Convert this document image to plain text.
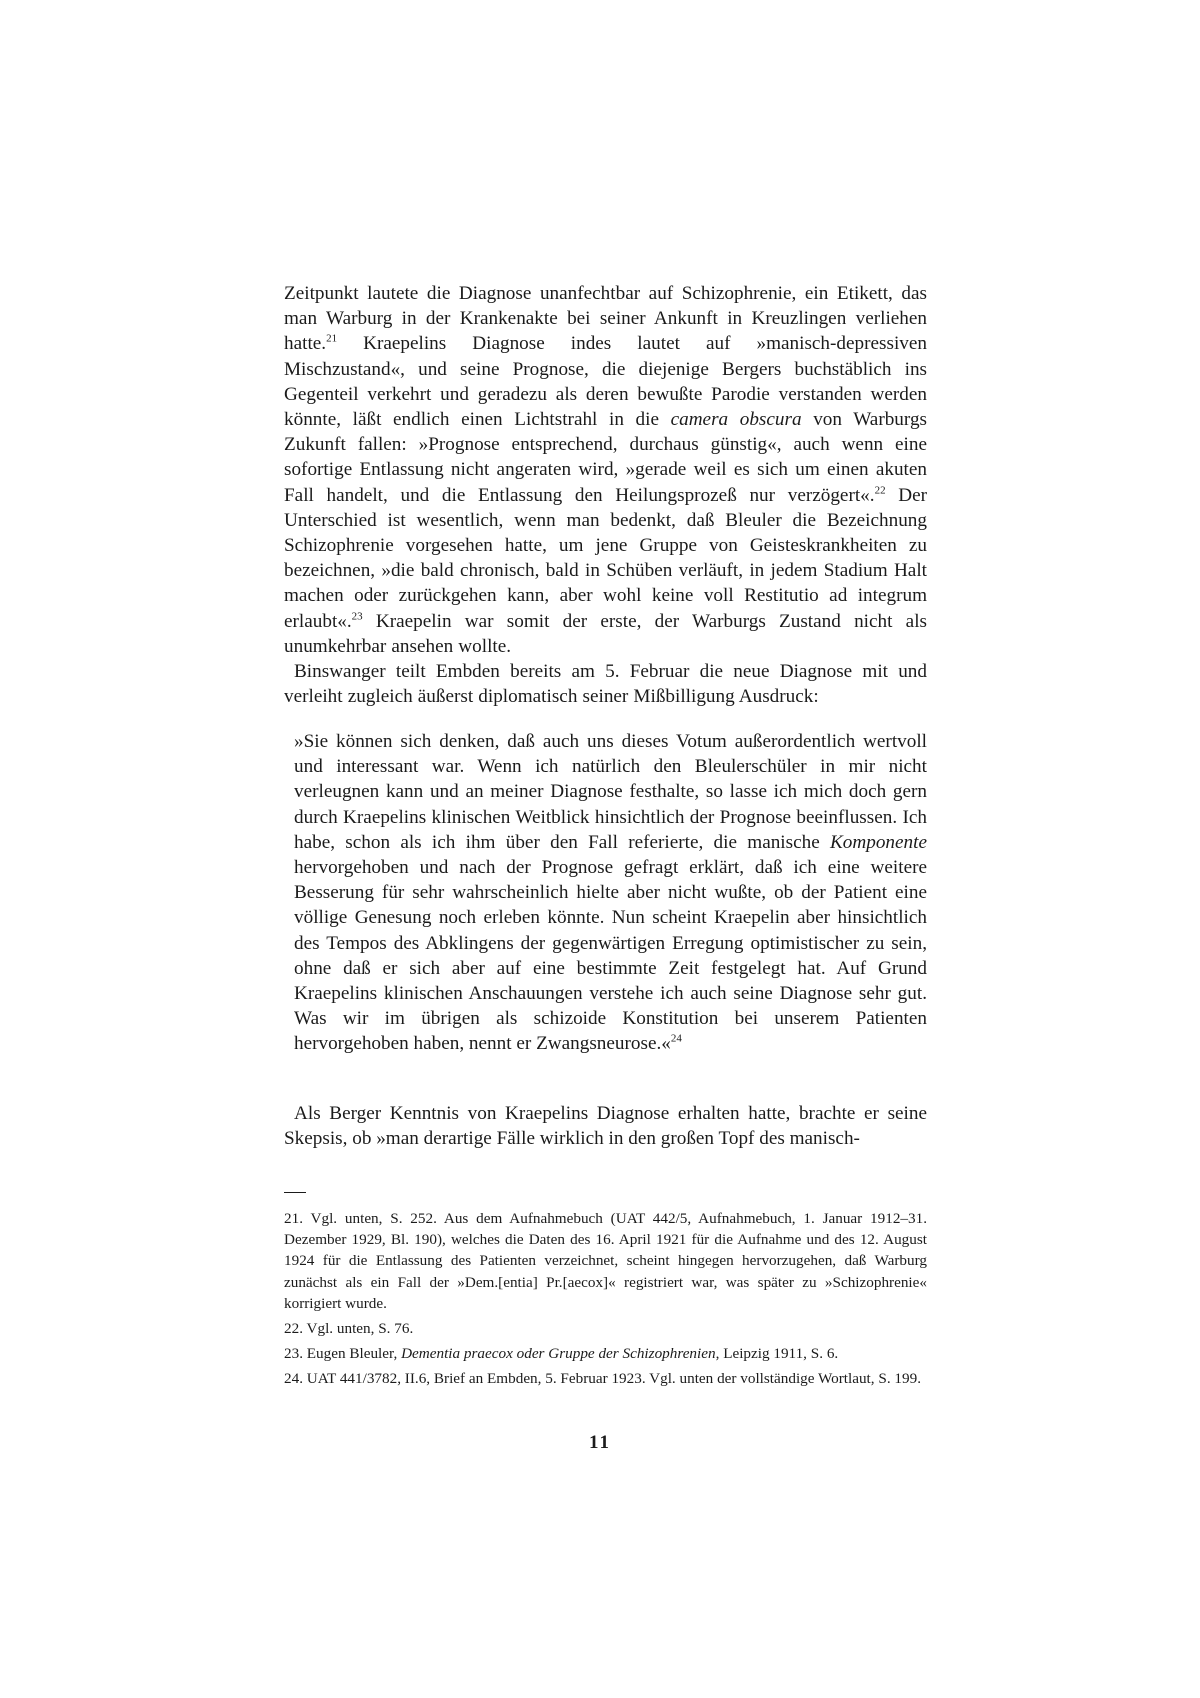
Zeitpunkt lautete die Diagnose unanfechtbar auf Schizophrenie, ein Etikett, das man Warburg in der Krankenakte bei seiner Ankunft in Kreuzlingen verliehen hatte.$^{21}$ Kraepelins Diagnose indes lautet auf »manisch-depressiven Mischzustand«, und seine Prognose, die diejenige Bergers buchstäblich ins Gegenteil verkehrt und geradezu als deren bewußte Parodie verstanden werden könnte, läßt endlich einen Lichtstrahl in die camera obscura von Warburgs Zukunft fallen: »Prognose entsprechend, durchaus günstig«, auch wenn eine sofortige Entlassung nicht angeraten wird, »gerade weil es sich um einen akuten Fall handelt, und die Entlassung den Heilungsprozeß nur verzögert«.$^{22}$ Der Unterschied ist wesentlich, wenn man bedenkt, daß Bleuler die Bezeichnung Schizophrenie vorgesehen hatte, um jene Gruppe von Geisteskrankheiten zu bezeichnen, »die bald chronisch, bald in Schüben verläuft, in jedem Stadium Halt machen oder zurückgehen kann, aber wohl keine voll Restitutio ad integrum erlaubt«.$^{23}$ Kraepelin war somit der erste, der Warburgs Zustand nicht als unumkehrbar ansehen wollte.

Binswanger teilt Embden bereits am 5. Februar die neue Diagnose mit und verleiht zugleich äußerst diplomatisch seiner Mißbilligung Ausdruck:

»Sie können sich denken, daß auch uns dieses Votum außerordentlich wertvoll und interessant war. Wenn ich natürlich den Bleulerschüler in mir nicht verleugnen kann und an meiner Diagnose festhalte, so lasse ich mich doch gern durch Kraepelins klinischen Weitblick hinsichtlich der Prognose beeinflussen. Ich habe, schon als ich ihm über den Fall referierte, die manische Komponente hervorgehoben und nach der Prognose gefragt erklärt, daß ich eine weitere Besserung für sehr wahrscheinlich hielte aber nicht wußte, ob der Patient eine völlige Genesung noch erleben könnte. Nun scheint Kraepelin aber hinsichtlich des Tempos des Abklingens der gegenwärtigen Erregung optimistischer zu sein, ohne daß er sich aber auf eine bestimmte Zeit festgelegt hat. Auf Grund Kraepelins klinischen Anschauungen verstehe ich auch seine Diagnose sehr gut. Was wir im übrigen als schizoide Konstitution bei unserem Patienten hervorgehoben haben, nennt er Zwangsneurose.«$^{24}$

Als Berger Kenntnis von Kraepelins Diagnose erhalten hatte, brachte er seine Skepsis, ob »man derartige Fälle wirklich in den großen Topf des manisch-

21. Vgl. unten, S. 252. Aus dem Aufnahmebuch (UAT 442/5, Aufnahmebuch, 1. Januar 1912–31. Dezember 1929, Bl. 190), welches die Daten des 16. April 1921 für die Aufnahme und des 12. August 1924 für die Entlassung des Patienten verzeichnet, scheint hingegen hervorzugehen, daß Warburg zunächst als ein Fall der »Dem.[entia] Pr.[aecox]« registriert war, was später zu »Schizophrenie« korrigiert wurde.

22. Vgl. unten, S. 76.

23. Eugen Bleuler, Dementia praecox oder Gruppe der Schizophrenien, Leipzig 1911, S. 6.

24. UAT 441/3782, II.6, Brief an Embden, 5. Februar 1923. Vgl. unten der vollständige Wortlaut, S. 199.

11
